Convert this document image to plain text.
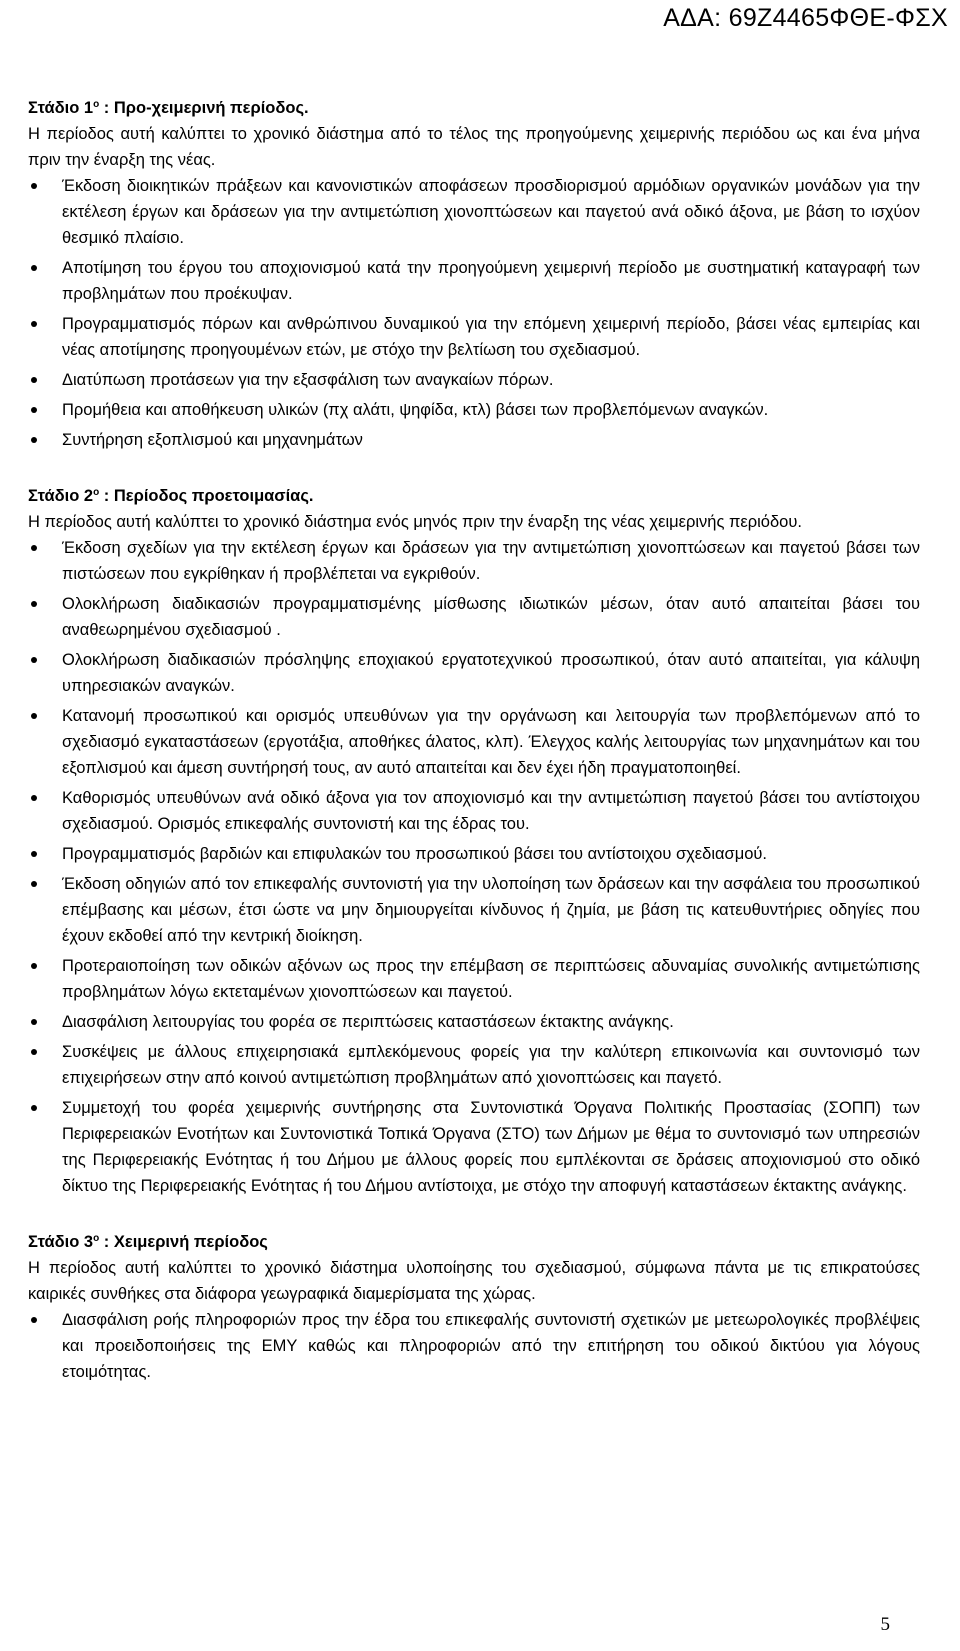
ΑΔΑ: 69Ζ4465ΦΘΕ-ΦΣΧ
Στάδιο $1^o$ : Προ-χειμερινή περίοδος.

Η περίοδος αυτή καλύπτει το χρονικό διάστημα από το τέλος της προηγούμενης χειμερινής περιόδου ως και ένα μήνα πριν την έναρξη της νέας.

Έκδοση διοικητικών πράξεων και κανονιστικών αποφάσεων προσδιορισμού αρμόδιων οργανικών μονάδων για την εκτέλεση έργων και δράσεων για την αντιμετώπιση χιονοπτώσεων και παγετού ανά οδικό άξονα, με βάση το ισχύον θεσμικό πλαίσιο.
Αποτίμηση του έργου του αποχιονισμού κατά την προηγούμενη χειμερινή περίοδο με συστηματική καταγραφή των προβλημάτων που προέκυψαν.
Προγραμματισμός πόρων και ανθρώπινου δυναμικού για την επόμενη χειμερινή περίοδο, βάσει νέας εμπειρίας και νέας αποτίμησης προηγουμένων ετών, με στόχο την βελτίωση του σχεδιασμού.
Διατύπωση προτάσεων για την εξασφάλιση των αναγκαίων πόρων.
Προμήθεια και αποθήκευση υλικών (πχ αλάτι, ψηφίδα, κτλ) βάσει των προβλεπόμενων αναγκών.
Συντήρηση εξοπλισμού και μηχανημάτων
Στάδιο $2^o$ : Περίοδος προετοιμασίας.

Η περίοδος αυτή καλύπτει το χρονικό διάστημα ενός μηνός πριν την έναρξη της νέας χειμερινής περιόδου.

Έκδοση σχεδίων για την εκτέλεση έργων και δράσεων για την αντιμετώπιση χιονοπτώσεων και παγετού βάσει των πιστώσεων που εγκρίθηκαν ή προβλέπεται να εγκριθούν.
Ολοκλήρωση διαδικασιών προγραμματισμένης μίσθωσης ιδιωτικών μέσων, όταν αυτό απαιτείται βάσει του αναθεωρημένου σχεδιασμού .
Ολοκλήρωση διαδικασιών πρόσληψης εποχιακού εργατοτεχνικού προσωπικού, όταν αυτό απαιτείται, για κάλυψη υπηρεσιακών αναγκών.
Κατανομή προσωπικού και ορισμός υπευθύνων για την οργάνωση και λειτουργία των προβλεπόμενων από το σχεδιασμό εγκαταστάσεων (εργοτάξια, αποθήκες άλατος, κλπ). Έλεγχος καλής λειτουργίας των μηχανημάτων και του εξοπλισμού και άμεση συντήρησή τους, αν αυτό απαιτείται και δεν έχει ήδη πραγματοποιηθεί.
Καθορισμός υπευθύνων ανά οδικό άξονα για τον αποχιονισμό και την αντιμετώπιση παγετού βάσει του αντίστοιχου σχεδιασμού. Ορισμός επικεφαλής συντονιστή και της έδρας του.
Προγραμματισμός βαρδιών και επιφυλακών του προσωπικού βάσει του αντίστοιχου σχεδιασμού.
Έκδοση οδηγιών από τον επικεφαλής συντονιστή για την υλοποίηση των δράσεων και την ασφάλεια του προσωπικού επέμβασης και μέσων, έτσι ώστε να μην δημιουργείται κίνδυνος ή ζημία, με βάση τις κατευθυντήριες οδηγίες που έχουν εκδοθεί από την κεντρική διοίκηση.
Προτεραιοποίηση των οδικών αξόνων ως προς την επέμβαση σε περιπτώσεις αδυναμίας συνολικής αντιμετώπισης προβλημάτων λόγω εκτεταμένων χιονοπτώσεων και παγετού.
Διασφάλιση λειτουργίας του φορέα σε περιπτώσεις καταστάσεων έκτακτης ανάγκης.
Συσκέψεις με άλλους επιχειρησιακά εμπλεκόμενους φορείς για την καλύτερη επικοινωνία και συντονισμό των επιχειρήσεων στην από κοινού αντιμετώπιση προβλημάτων από χιονοπτώσεις και παγετό.
Συμμετοχή του φορέα χειμερινής συντήρησης στα Συντονιστικά Όργανα Πολιτικής Προστασίας (ΣΟΠΠ) των Περιφερειακών Ενοτήτων και Συντονιστικά Τοπικά Όργανα (ΣΤΟ) των Δήμων με θέμα το συντονισμό των υπηρεσιών της Περιφερειακής Ενότητας ή του Δήμου με άλλους φορείς που εμπλέκονται σε δράσεις αποχιονισμού στο οδικό δίκτυο της Περιφερειακής Ενότητας ή του Δήμου αντίστοιχα, με στόχο την αποφυγή καταστάσεων έκτακτης ανάγκης.
Στάδιο $3^o$ : Χειμερινή περίοδος

Η περίοδος αυτή καλύπτει το χρονικό διάστημα υλοποίησης του σχεδιασμού, σύμφωνα πάντα με τις επικρατούσες καιρικές συνθήκες στα διάφορα γεωγραφικά διαμερίσματα της χώρας.

Διασφάλιση ροής πληροφοριών προς την έδρα του επικεφαλής συντονιστή σχετικών με μετεωρολογικές προβλέψεις και προειδοποιήσεις της ΕΜΥ καθώς και πληροφοριών από την επιτήρηση του οδικού δικτύου για λόγους ετοιμότητας.
5
